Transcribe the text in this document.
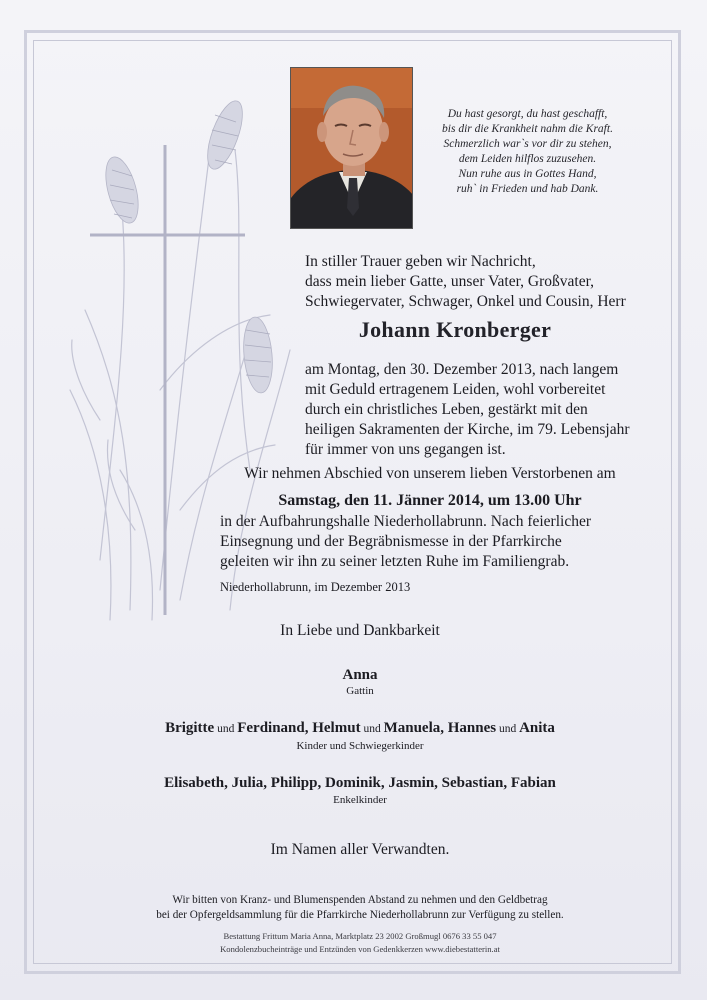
Du hast gesorgt, du hast geschafft,
bis dir die Krankheit nahm die Kraft.
Schmerzlich war`s vor dir zu stehen,
dem Leiden hilflos zuzusehen.
Nun ruhe aus in Gottes Hand,
ruh` in Frieden und hab Dank.
In stiller Trauer geben wir Nachricht,
dass mein lieber Gatte, unser Vater, Großvater,
Schwiegervater, Schwager, Onkel und Cousin, Herr
Johann Kronberger
am Montag, den 30. Dezember 2013, nach langem
mit Geduld ertragenem Leiden, wohl vorbereitet
durch ein christliches Leben, gestärkt mit den
heiligen Sakramenten der Kirche, im 79. Lebensjahr
für immer von uns gegangen ist.
Wir nehmen Abschied von unserem lieben Verstorbenen am
Samstag, den 11. Jänner 2014, um 13.00 Uhr
in der Aufbahrungshalle Niederhollabrunn. Nach feierlicher
Einsegnung und der Begräbnismesse in der Pfarrkirche
geleiten wir ihn zu seiner letzten Ruhe im Familiengrab.
Niederhollabrunn, im Dezember 2013
In Liebe und Dankbarkeit
Anna
Gattin
Brigitte und Ferdinand, Helmut und Manuela, Hannes und Anita
Kinder und Schwiegerkinder
Elisabeth, Julia, Philipp, Dominik, Jasmin, Sebastian, Fabian
Enkelkinder
Im Namen aller Verwandten.
Wir bitten von Kranz- und Blumenspenden Abstand zu nehmen und den Geldbetrag
bei der Opfergeldsammlung für die Pfarrkirche Niederhollabrunn zur Verfügung zu stellen.
Bestattung Frittum Maria Anna, Marktplatz 23 2002 Großmugl 0676 33 55 047
Kondolenzbucheinträge und Entzünden von Gedenkkerzen www.diebestatterin.at
